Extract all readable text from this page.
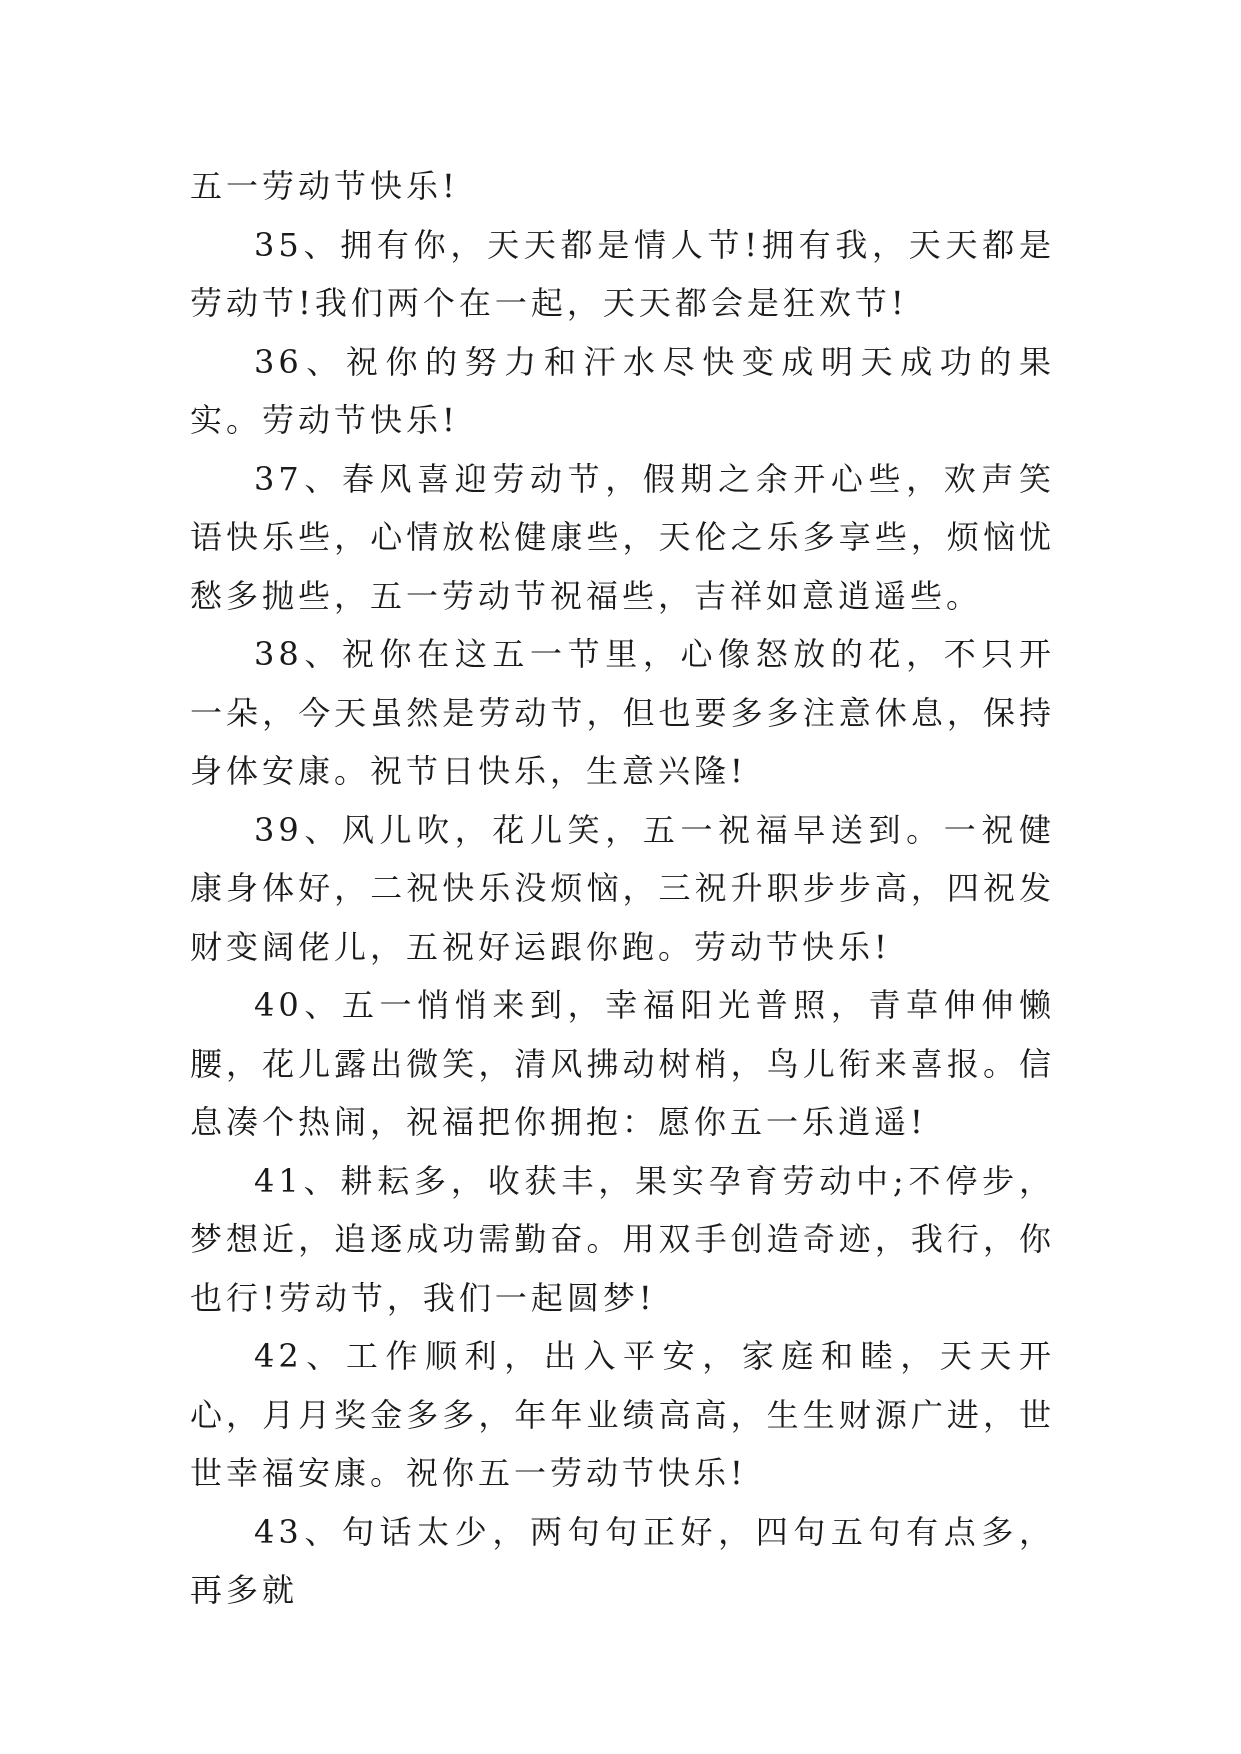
五一劳动节快乐!

35、拥有你，天天都是情人节!拥有我，天天都是劳动节!我们两个在一起，天天都会是狂欢节!

36、祝你的努力和汗水尽快变成明天成功的果实。劳动节快乐!

37、春风喜迎劳动节，假期之余开心些，欢声笑语快乐些，心情放松健康些，天伦之乐多享些，烦恼忧愁多抛些，五一劳动节祝福些，吉祥如意逍遥些。

38、祝你在这五一节里，心像怒放的花，不只开一朵，今天虽然是劳动节，但也要多多注意休息，保持身体安康。祝节日快乐，生意兴隆!

39、风儿吹，花儿笑，五一祝福早送到。一祝健康身体好，二祝快乐没烦恼，三祝升职步步高，四祝发财变阔佬儿，五祝好运跟你跑。劳动节快乐!

40、五一悄悄来到，幸福阳光普照，青草伸伸懒腰，花儿露出微笑，清风拂动树梢，鸟儿衔来喜报。信息凑个热闹，祝福把你拥抱：愿你五一乐逍遥!

41、耕耘多，收获丰，果实孕育劳动中;不停步，梦想近，追逐成功需勤奋。用双手创造奇迹，我行，你也行!劳动节，我们一起圆梦!

42、工作顺利，出入平安，家庭和睦，天天开心，月月奖金多多，年年业绩高高，生生财源广进，世世幸福安康。祝你五一劳动节快乐!

43、句话太少，两句句正好，四句五句有点多，再多就
